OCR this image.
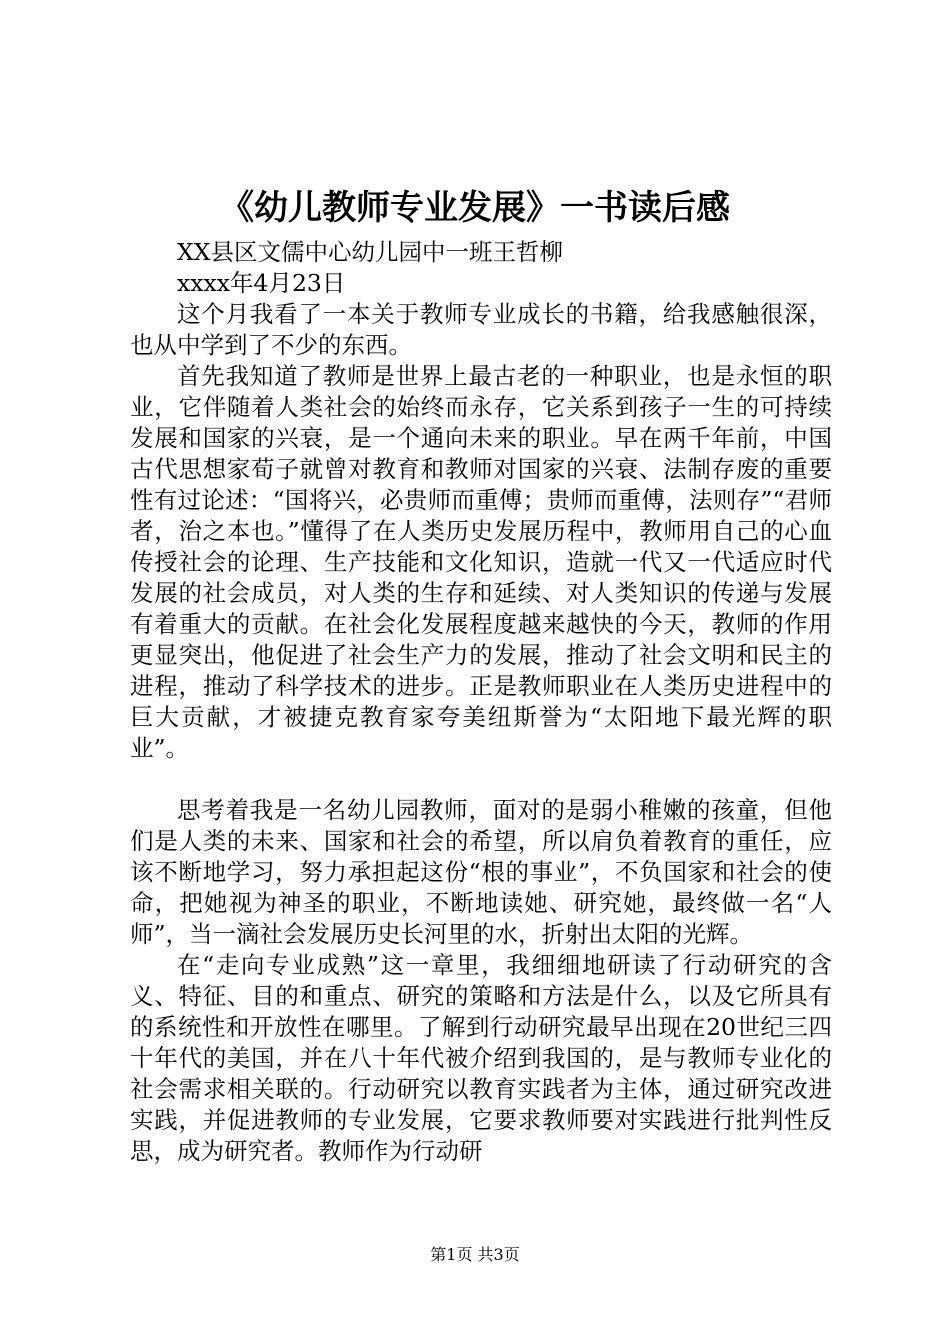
《幼儿教师专业发展》一书读后感

XX县区文儒中心幼儿园中一班王哲柳

xxxx年4月23日

这个月我看了一本关于教师专业成长的书籍，给我感触很深，也从中学到了不少的东西。

首先我知道了教师是世界上最古老的一种职业，也是永恒的职业，它伴随着人类社会的始终而永存，它关系到孩子一生的可持续发展和国家的兴衰，是一个通向未来的职业。早在两千年前，中国古代思想家荀子就曾对教育和教师对国家的兴衰、法制存废的重要性有过论述：“国将兴，必贵师而重傅；贵师而重傅，法则存”“君师者，治之本也。”懂得了在人类历史发展历程中，教师用自己的心血传授社会的论理、生产技能和文化知识，造就一代又一代适应时代发展的社会成员，对人类的生存和延续、对人类知识的传递与发展有着重大的贡献。在社会化发展程度越来越快的今天，教师的作用更显突出，他促进了社会生产力的发展，推动了社会文明和民主的进程，推动了科学技术的进步。正是教师职业在人类历史进程中的巨大贡献，才被捷克教育家夸美纽斯誉为“太阳地下最光辉的职业”。

思考着我是一名幼儿园教师，面对的是弱小稚嫩的孩童，但他们是人类的未来、国家和社会的希望，所以肩负着教育的重任，应该不断地学习，努力承担起这份“根的事业”，不负国家和社会的使命，把她视为神圣的职业，不断地读她、研究她，最终做一名“人师”，当一滴社会发展历史长河里的水，折射出太阳的光辉。

在“走向专业成熟”这一章里，我细细地研读了行动研究的含义、特征、目的和重点、研究的策略和方法是什么，以及它所具有的系统性和开放性在哪里。了解到行动研究最早出现在20世纪三四十年代的美国，并在八十年代被介绍到我国的，是与教师专业化的社会需求相关联的。行动研究以教育实践者为主体，通过研究改进实践，并促进教师的专业发展，它要求教师要对实践进行批判性反思，成为研究者。教师作为行动研

第1页 共3页
